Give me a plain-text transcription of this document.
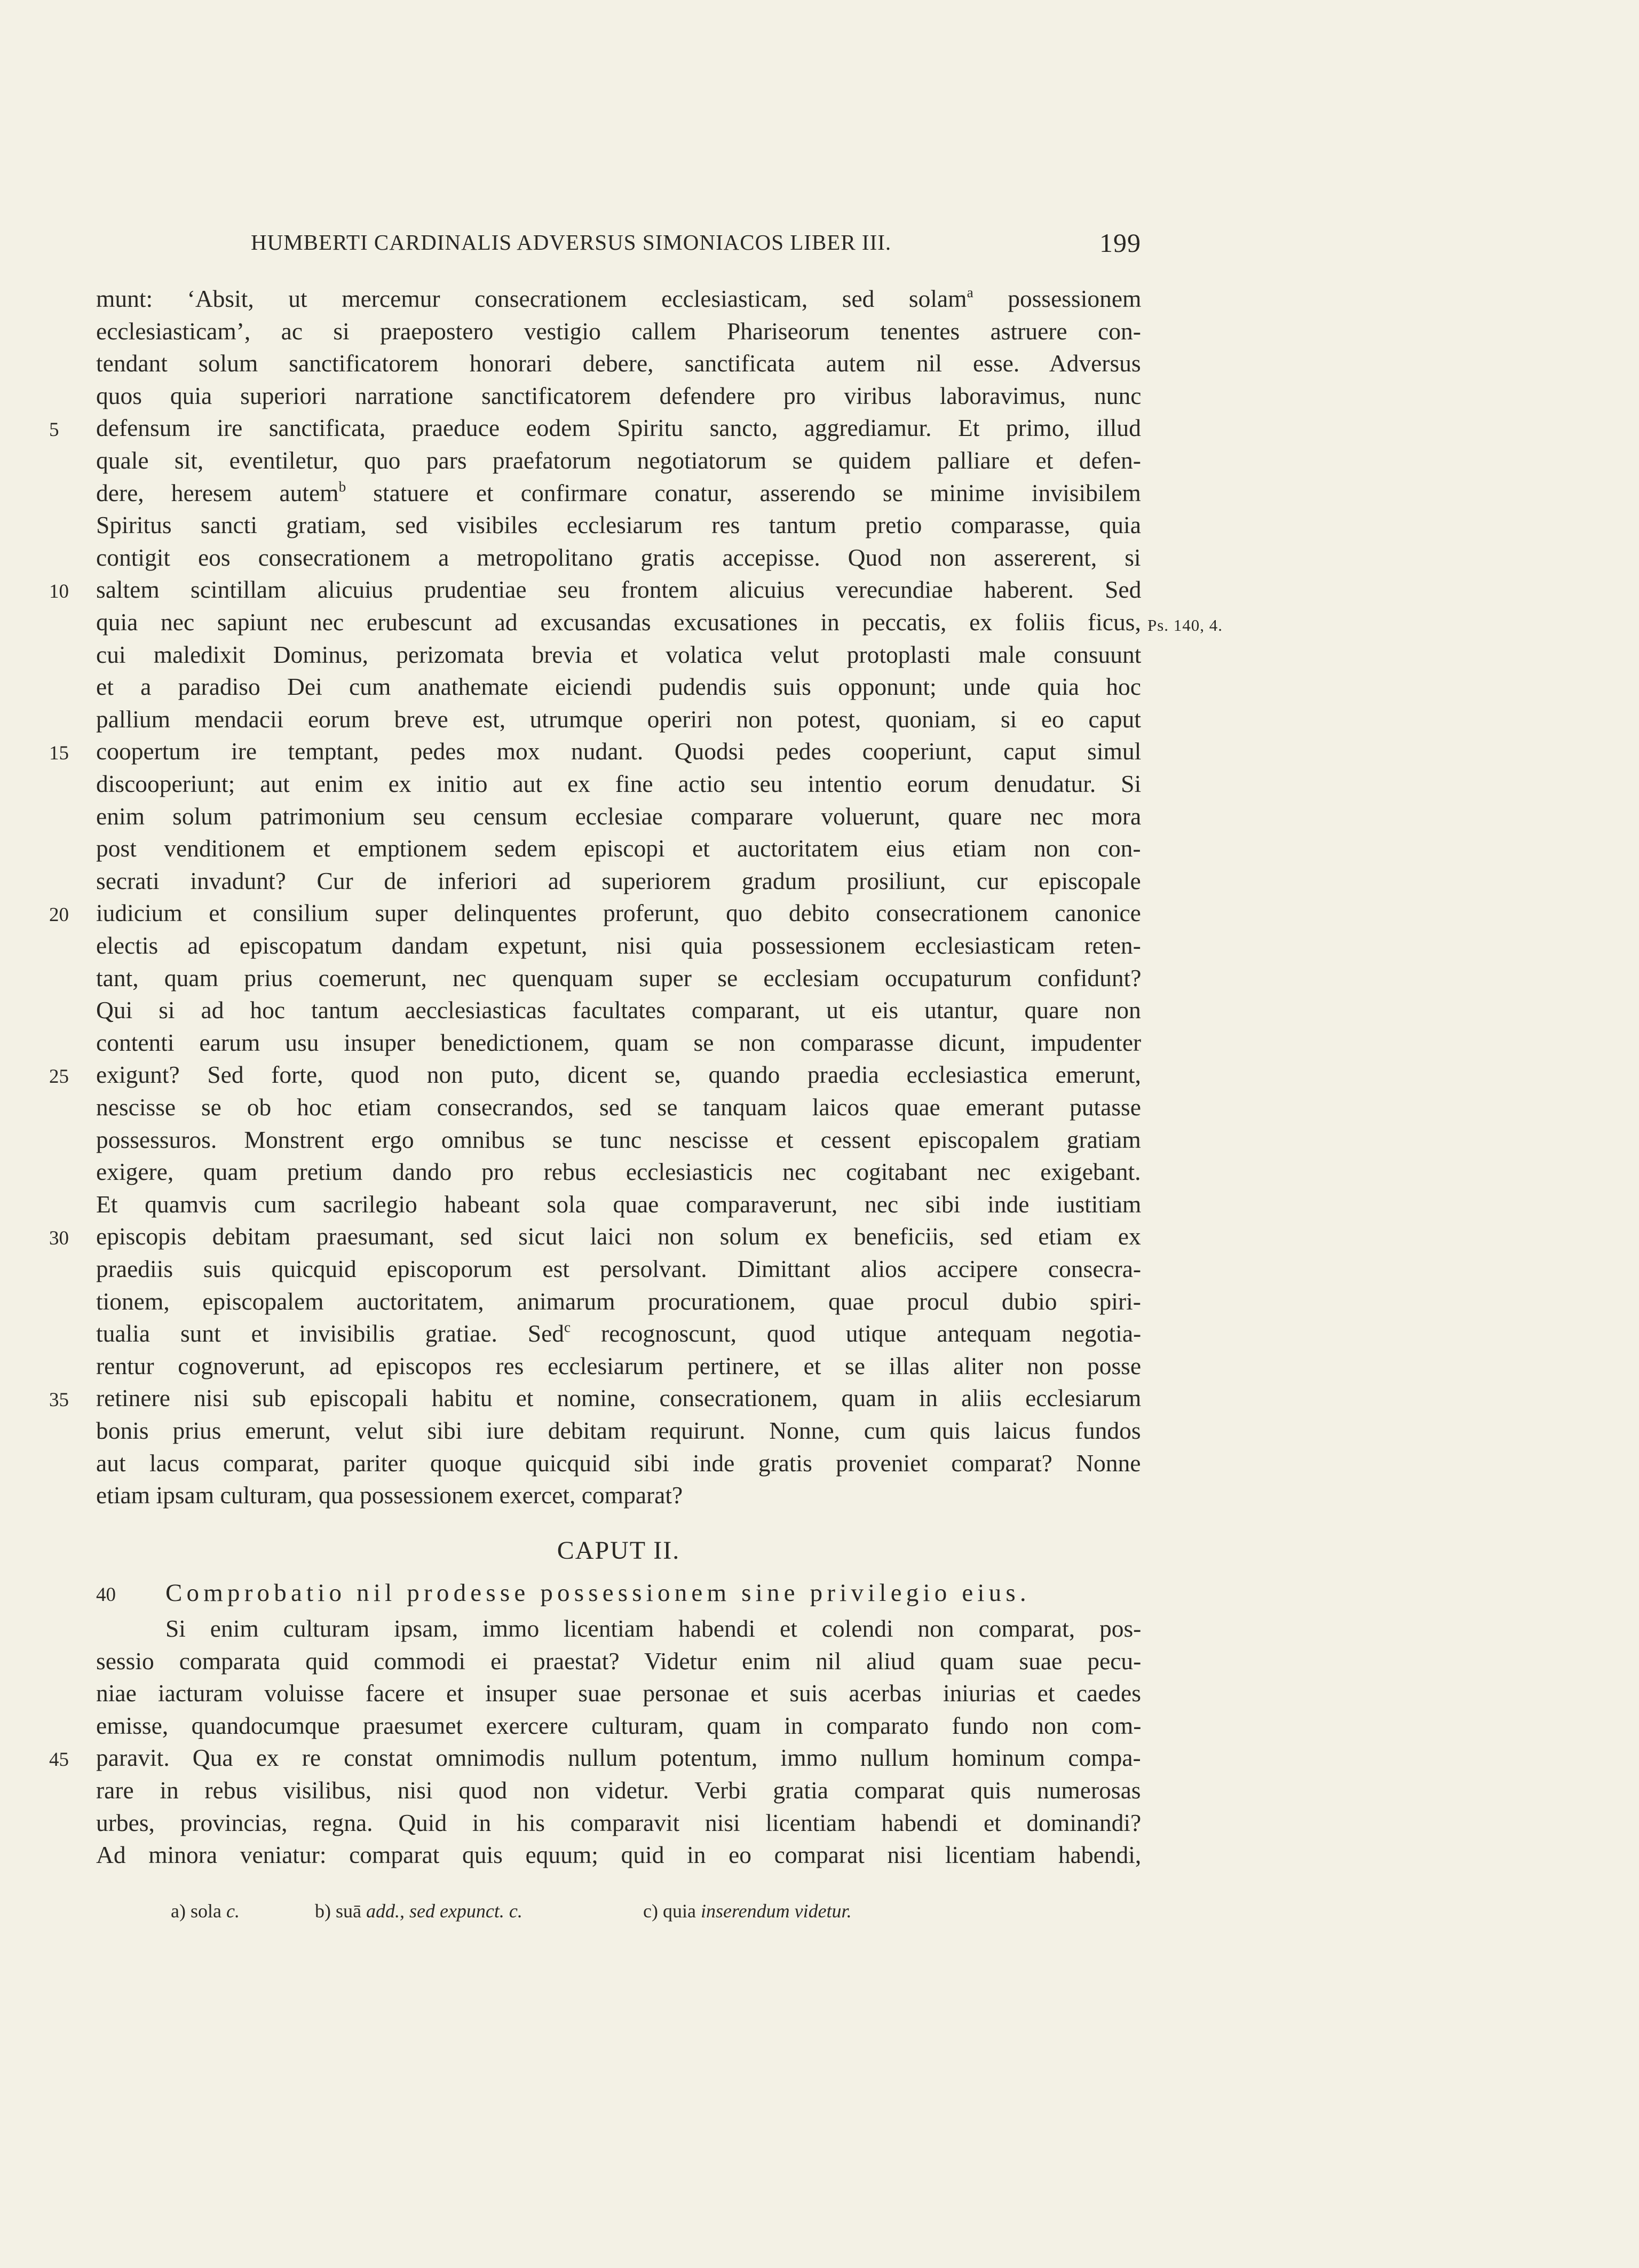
HUMBERTI CARDINALIS ADVERSUS SIMONIACOS LIBER III.	199
munt: ‘Absit, ut mercemur consecrationem ecclesiasticam, sed solam$^a$ possessionem
ecclesiasticam’, ac si praepostero vestigio callem Phariseorum tenentes astruere con-
tendant solum sanctificatorem honorari debere, sanctificata autem nil esse. Adversus
quos quia superiori narratione sanctificatorem defendere pro viribus laboravimus, nunc
5	defensum ire sanctificata, praeduce eodem Spiritu sancto, aggrediamur. Et primo, illud
quale sit, eventiletur, quo pars praefatorum negotiatorum se quidem palliare et defen-
dere, heresem autem$^b$ statuere et confirmare conatur, asserendo se minime invisibilem
Spiritus sancti gratiam, sed visibiles ecclesiarum res tantum pretio comparasse, quia
contigit eos consecrationem a metropolitano gratis accepisse. Quod non assererent, si
10	saltem scintillam alicuius prudentiae seu frontem alicuius verecundiae haberent. Sed
quia nec sapiunt nec erubescunt ad excusandas excusationes in peccatis, ex foliis ficus, Ps. 140, 4.
cui maledixit Dominus, perizomata brevia et volatica velut protoplasti male consuunt
et a paradiso Dei cum anathemate eiciendi pudendis suis opponunt; unde quia hoc
pallium mendacii eorum breve est, utrumque operiri non potest, quoniam, si eo caput
15	coopertum ire temptant, pedes mox nudant. Quodsi pedes cooperiunt, caput simul
discooperiunt; aut enim ex initio aut ex fine actio seu intentio eorum denudatur. Si
enim solum patrimonium seu censum ecclesiae comparare voluerunt, quare nec mora
post venditionem et emptionem sedem episcopi et auctoritatem eius etiam non con-
secrati invadunt? Cur de inferiori ad superiorem gradum prosiliunt, cur episcopale
20	iudicium et consilium super delinquentes proferunt, quo debito consecrationem canonice
electis ad episcopatum dandam expetunt, nisi quia possessionem ecclesiasticam reten-
tant, quam prius coemerunt, nec quenquam super se ecclesiam occupaturum confidunt?
Qui si ad hoc tantum aecclesiasticas facultates comparant, ut eis utantur, quare non
contenti earum usu insuper benedictionem, quam se non comparasse dicunt, impudenter
25	exigunt? Sed forte, quod non puto, dicent se, quando praedia ecclesiastica emerunt,
nescisse se ob hoc etiam consecrandos, sed se tanquam laicos quae emerant putasse
possessuros. Monstrent ergo omnibus se tunc nescisse et cessent episcopalem gratiam
exigere, quam pretium dando pro rebus ecclesiasticis nec cogitabant nec exigebant.
Et quamvis cum sacrilegio habeant sola quae comparaverunt, nec sibi inde iustitiam
30	episcopis debitam praesumant, sed sicut laici non solum ex beneficiis, sed etiam ex
praediis suis quicquid episcoporum est persolvant. Dimittant alios accipere consecra-
tionem, episcopalem auctoritatem, animarum procurationem, quae procul dubio spiri-
tualia sunt et invisibilis gratiae. Sed$^c$ recognoscunt, quod utique antequam negotia-
rentur cognoverunt, ad episcopos res ecclesiarum pertinere, et se illas aliter non posse
35	retinere nisi sub episcopali habitu et nomine, consecrationem, quam in aliis ecclesiarum
bonis prius emerunt, velut sibi iure debitam requirunt. Nonne, cum quis laicus fundos
aut lacus comparat, pariter quoque quicquid sibi inde gratis proveniet comparat? Nonne
etiam ipsam culturam, qua possessionem exercet, comparat?
CAPUT II.
40 Comprobatio nil prodesse possessionem sine privilegio eius.
Si enim culturam ipsam, immo licentiam habendi et colendi non comparat, pos-
sessio comparata quid commodi ei praestat? Videtur enim nil aliud quam suae pecu-
niae iacturam voluisse facere et insuper suae personae et suis acerbas iniurias et caedes
emisse, quandocumque praesumet exercere culturam, quam in comparato fundo non com-
45	paravit. Qua ex re constat omnimodis nullum potentum, immo nullum hominum compa-
rare in rebus visilibus, nisi quod non videtur. Verbi gratia comparat quis numerosas
urbes, provincias, regna. Quid in his comparavit nisi licentiam habendi et dominandi?
Ad minora veniatur: comparat quis equum; quid in eo comparat nisi licentiam habendi,
a) sola c.	b) suā add., sed expunct. c.	c) quia inserendum videtur.
